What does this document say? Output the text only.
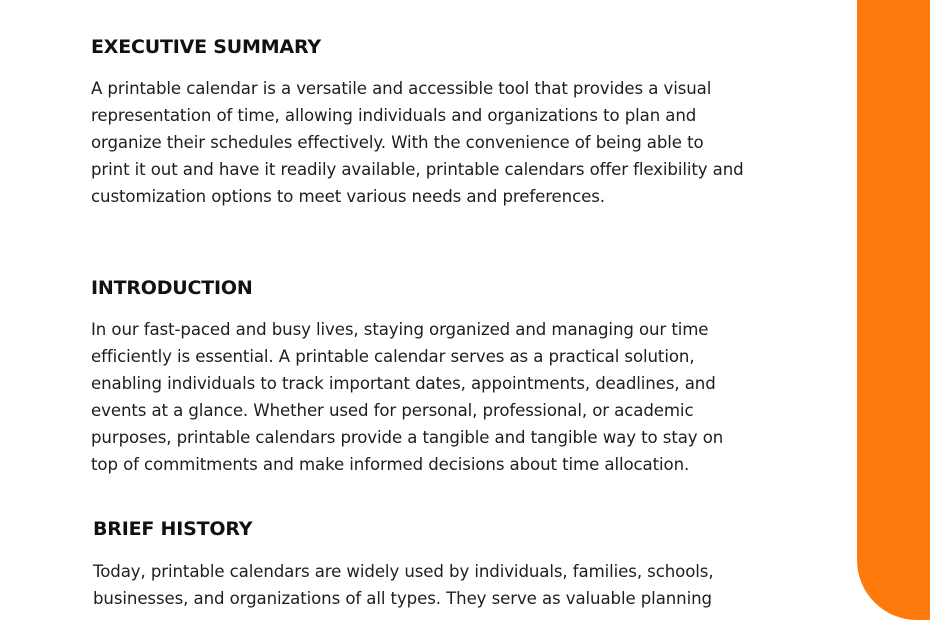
EXECUTIVE SUMMARY

A printable calendar is a versatile and accessible tool that provides a visual
representation of time, allowing individuals and organizations to plan and
organize their schedules effectively. With the convenience of being able to
print it out and have it readily available, printable calendars offer flexibility and
customization options to meet various needs and preferences.

INTRODUCTION

In our fast-paced and busy lives, staying organized and managing our time
efficiently is essential. A printable calendar serves as a practical solution,
enabling individuals to track important dates, appointments, deadlines, and
events at a glance. Whether used for personal, professional, or academic
purposes, printable calendars provide a tangible and tangible way to stay on
top of commitments and make informed decisions about time allocation.

BRIEF HISTORY

Today, printable calendars are widely used by individuals, families, schools,
businesses, and organizations of all types. They serve as valuable planning
